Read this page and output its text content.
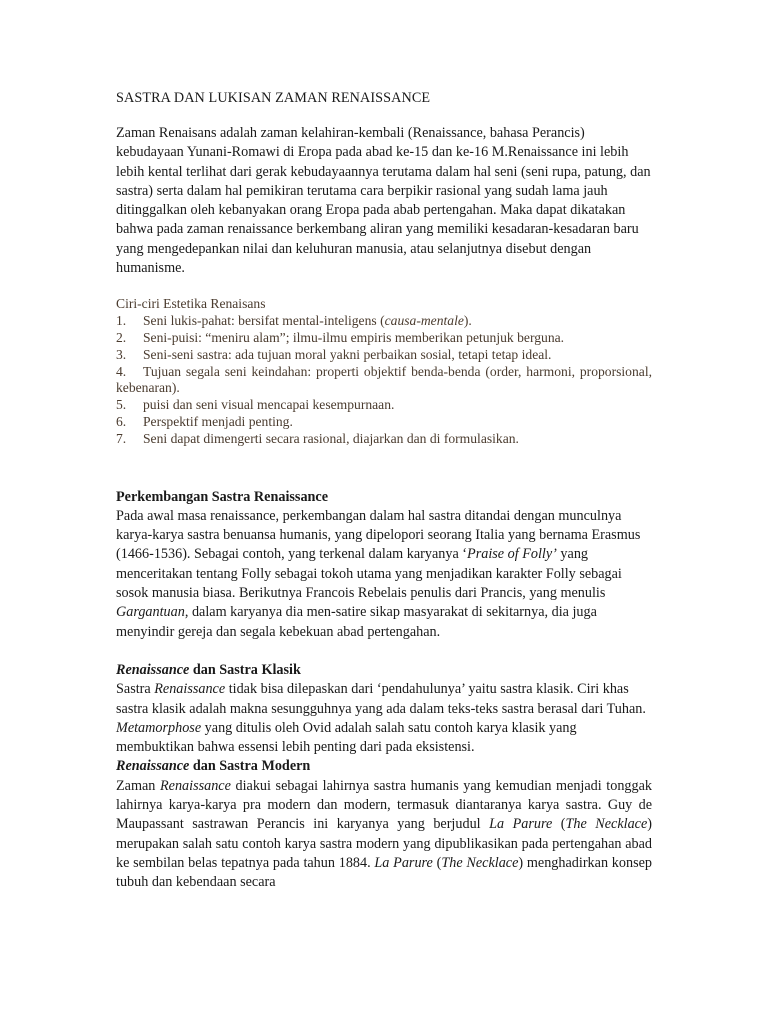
SASTRA DAN LUKISAN ZAMAN RENAISSANCE

Zaman Renaisans adalah zaman kelahiran-kembali (Renaissance, bahasa Perancis) kebudayaan Yunani-Romawi di Eropa pada abad ke-15 dan ke-16 M.Renaissance ini lebih lebih kental terlihat dari gerak kebudayaannya terutama dalam hal seni (seni rupa, patung, dan sastra) serta dalam hal pemikiran terutama cara berpikir rasional yang sudah lama jauh ditinggalkan oleh kebanyakan orang Eropa pada abab pertengahan. Maka dapat dikatakan bahwa pada zaman renaissance berkembang aliran yang memiliki kesadaran-kesadaran baru yang mengedepankan nilai dan keluhuran manusia, atau selanjutnya disebut dengan humanisme.

Ciri-ciri Estetika Renaisans
1. Seni lukis-pahat: bersifat mental-inteligens (causa-mentale).
2. Seni-puisi: “meniru alam”; ilmu-ilmu empiris memberikan petunjuk berguna.
3. Seni-seni sastra: ada tujuan moral yakni perbaikan sosial, tetapi tetap ideal.
4. Tujuan segala seni keindahan: properti objektif benda-benda (order, harmoni, proporsional, kebenaran).
5. puisi dan seni visual mencapai kesempurnaan.
6. Perspektif menjadi penting.
7. Seni dapat dimengerti secara rasional, diajarkan dan di formulasikan.

Perkembangan Sastra Renaissance

Pada awal masa renaissance, perkembangan dalam hal sastra ditandai dengan munculnya karya-karya sastra benuansa humanis, yang dipelopori seorang Italia yang bernama Erasmus (1466-1536). Sebagai contoh, yang terkenal dalam karyanya ‘Praise of Folly’ yang menceritakan tentang Folly sebagai tokoh utama yang menjadikan karakter Folly sebagai sosok manusia biasa. Berikutnya Francois Rebelais penulis dari Prancis, yang menulis Gargantuan, dalam karyanya dia men-satire sikap masyarakat di sekitarnya, dia juga menyindir gereja dan segala kebekuan abad pertengahan.

Renaissance dan Sastra Klasik

Sastra Renaissance tidak bisa dilepaskan dari ‘pendahulunya’ yaitu sastra klasik. Ciri khas sastra klasik adalah makna sesungguhnya yang ada dalam teks-teks sastra berasal dari Tuhan.

Metamorphose yang ditulis oleh Ovid adalah salah satu contoh karya klasik yang membuktikan bahwa essensi lebih penting dari pada eksistensi.

Renaissance dan Sastra Modern

Zaman Renaissance diakui sebagai lahirnya sastra humanis yang kemudian menjadi tonggak lahirnya karya-karya pra modern dan modern, termasuk diantaranya karya sastra. Guy de Maupassant sastrawan Perancis ini karyanya yang berjudul La Parure (The Necklace) merupakan salah satu contoh karya sastra modern yang dipublikasikan pada pertengahan abad ke sembilan belas tepatnya pada tahun 1884. La Parure (The Necklace) menghadirkan konsep tubuh dan kebendaan secara
